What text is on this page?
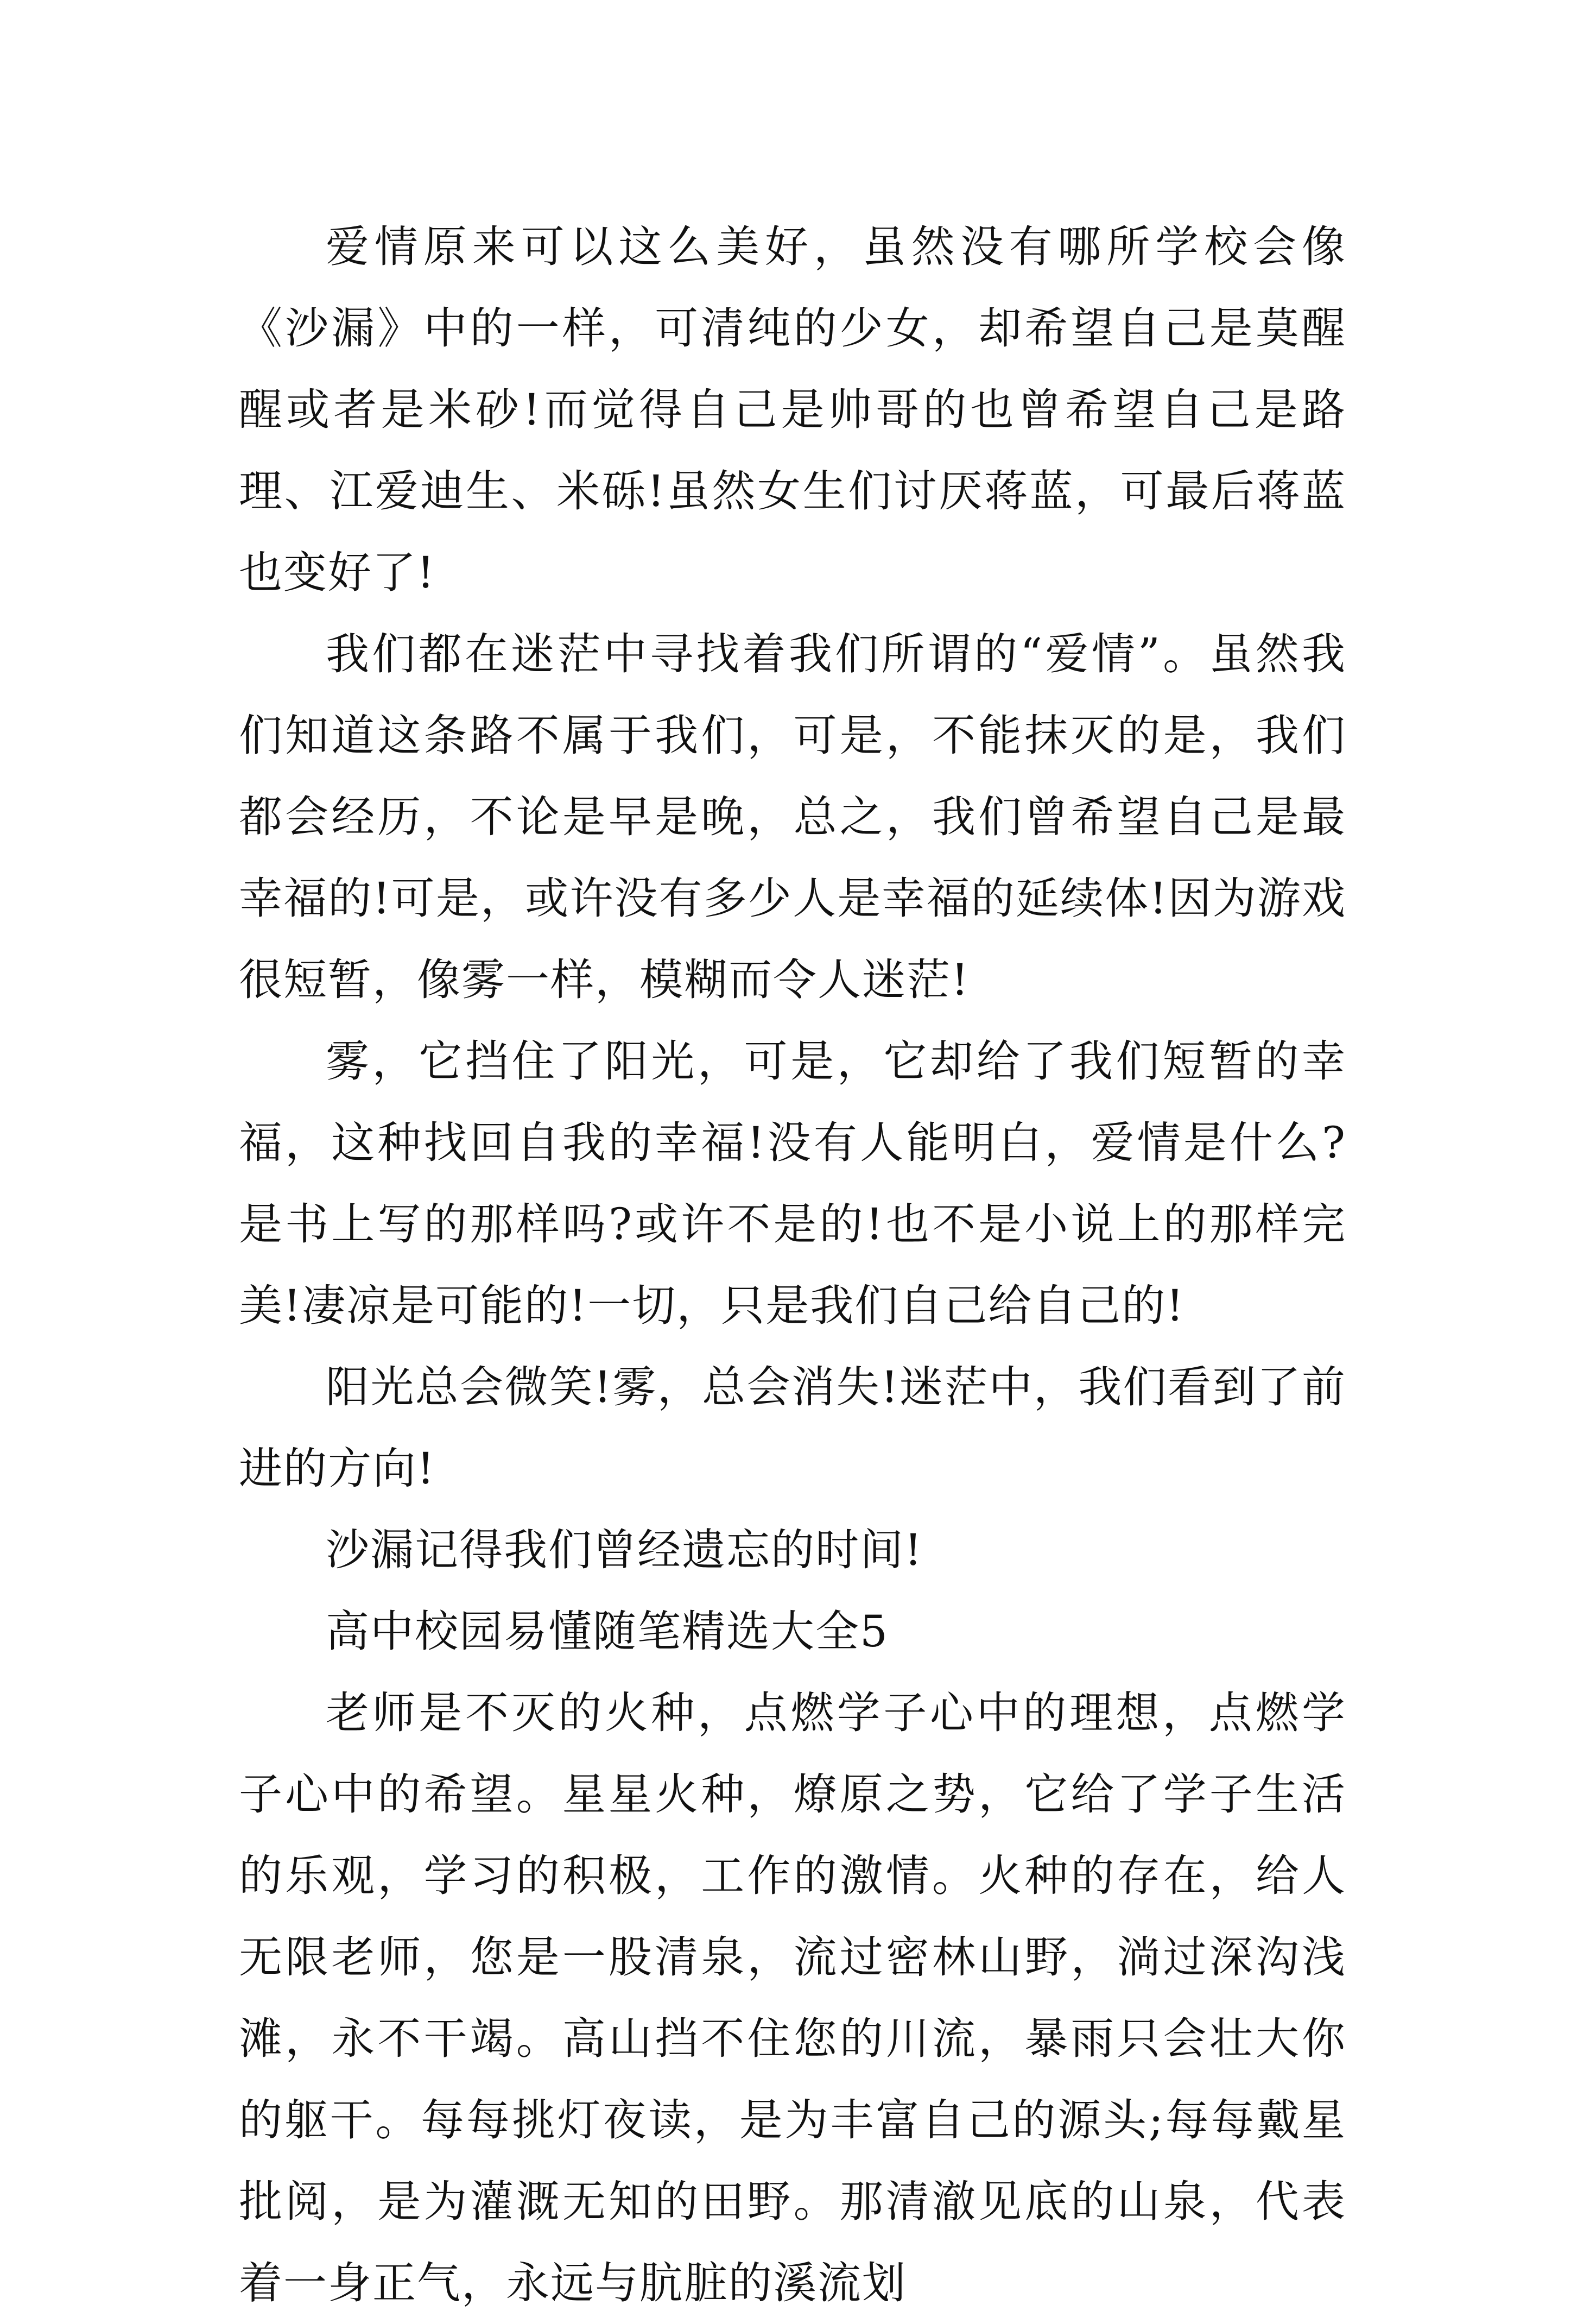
爱情原来可以这么美好，虽然没有哪所学校会像《沙漏》中的一样，可清纯的少女，却希望自己是莫醒醒或者是米砂!而觉得自己是帅哥的也曾希望自己是路理、江爱迪生、米砾!虽然女生们讨厌蒋蓝，可最后蒋蓝也变好了!

我们都在迷茫中寻找着我们所谓的“爱情”。虽然我们知道这条路不属于我们，可是，不能抹灭的是，我们都会经历，不论是早是晚，总之，我们曾希望自己是最幸福的!可是，或许没有多少人是幸福的延续体!因为游戏很短暂，像雾一样，模糊而令人迷茫!

雾，它挡住了阳光，可是，它却给了我们短暂的幸福，这种找回自我的幸福!没有人能明白，爱情是什么?是书上写的那样吗?或许不是的!也不是小说上的那样完美!凄凉是可能的!一切，只是我们自己给自己的!

阳光总会微笑!雾，总会消失!迷茫中，我们看到了前进的方向!

沙漏记得我们曾经遗忘的时间!

高中校园易懂随笔精选大全5

老师是不灭的火种，点燃学子心中的理想，点燃学子心中的希望。星星火种，燎原之势，它给了学子生活的乐观，学习的积极，工作的激情。火种的存在，给人无限老师，您是一股清泉，流过密林山野，淌过深沟浅滩，永不干竭。高山挡不住您的川流，暴雨只会壮大你的躯干。每每挑灯夜读，是为丰富自己的源头;每每戴星批阅，是为灌溉无知的田野。那清澈见底的山泉，代表着一身正气，永远与肮脏的溪流划
